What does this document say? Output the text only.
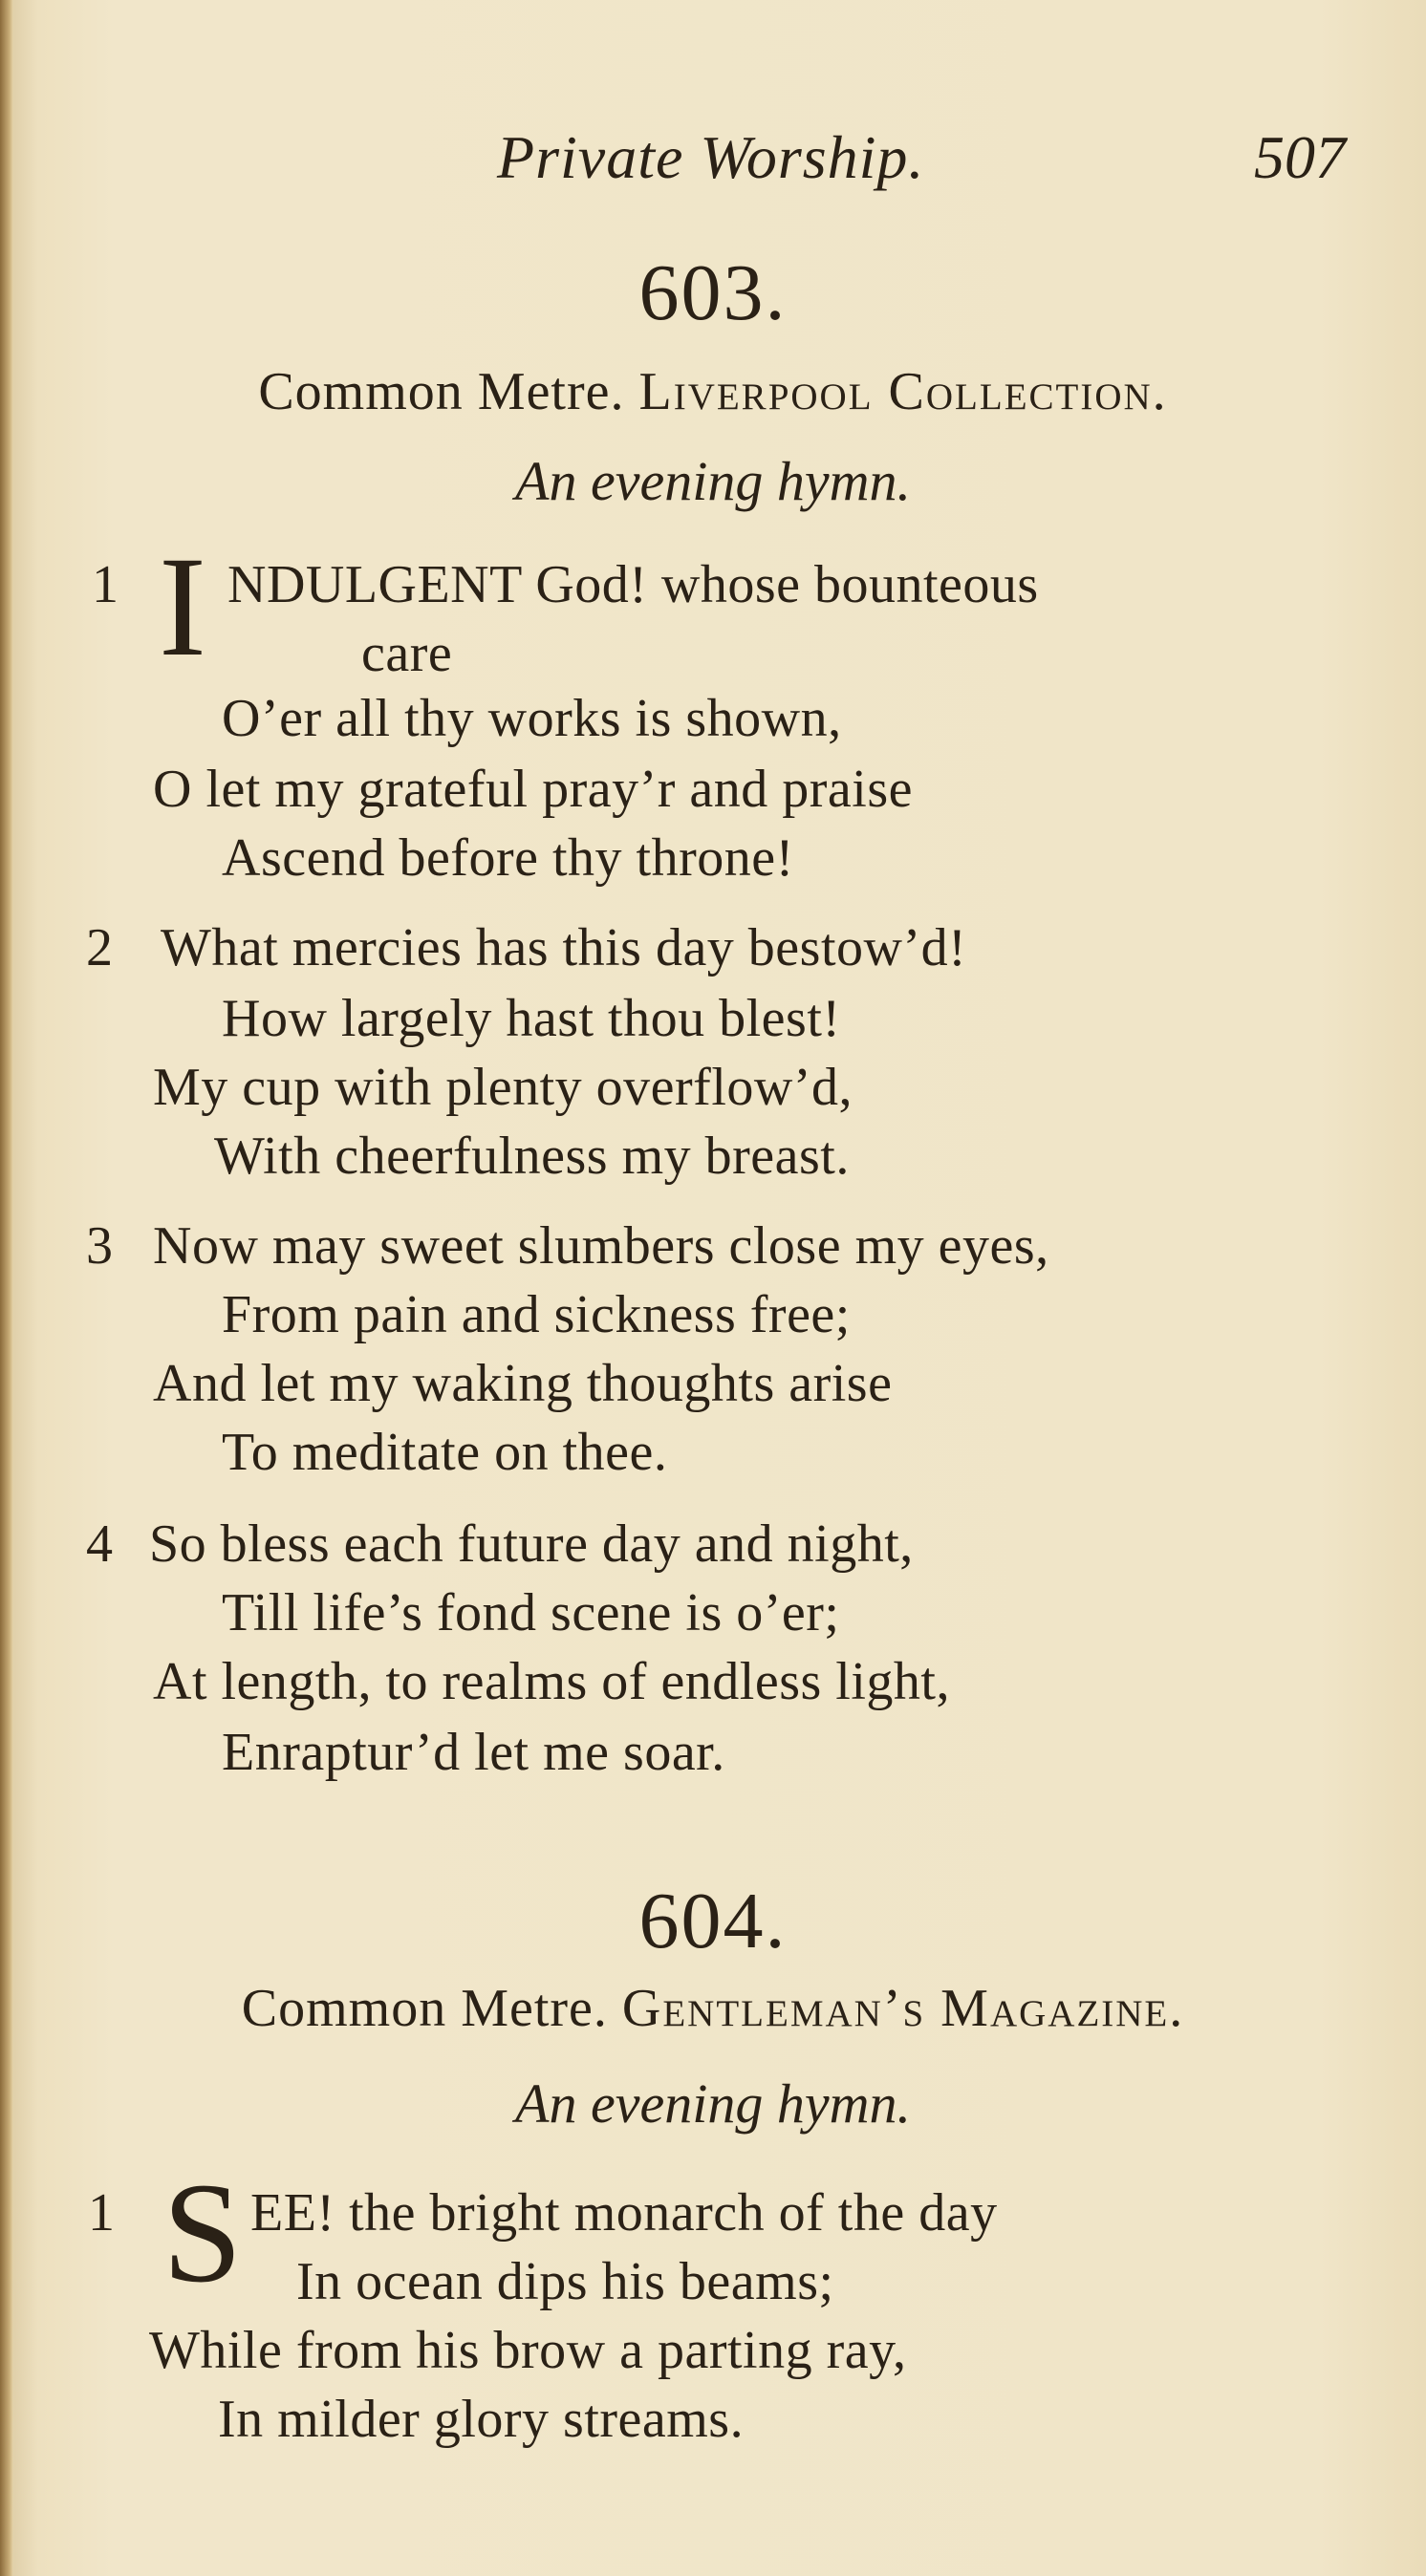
Private Worship.	507
603.
Common Metre. Liverpool Collection.
An evening hymn.
1 I NDULGENT God! whose bounteous
care
O’er all thy works is shown,
O let my grateful pray’r and praise
Ascend before thy throne!
2 What mercies has this day bestow’d!
How largely hast thou blest!
My cup with plenty overflow’d,
With cheerfulness my breast.
3 Now may sweet slumbers close my eyes,
From pain and sickness free;
And let my waking thoughts arise
To meditate on thee.
4 So bless each future day and night,
Till life’s fond scene is o’er;
At length, to realms of endless light,
Enraptur’d let me soar.
604.
Common Metre. Gentleman’s Magazine.
An evening hymn.
1 S EE! the bright monarch of the day
In ocean dips his beams;
While from his brow a parting ray,
In milder glory streams.
